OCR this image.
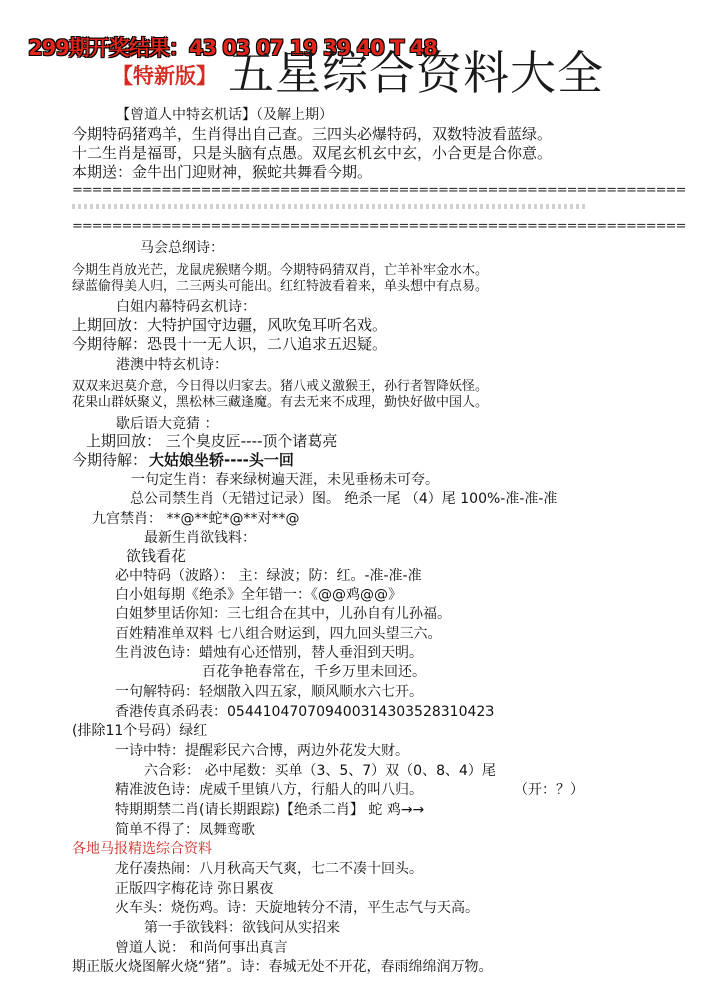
299期开奖结果：43 03 07 19 39 40 T 48
【特新版】 五星综合资料大全
【曾道人中特玄机话】（及解上期）
今期特码猪鸡羊，生肖得出自己查。三四头必爆特码，双数特波看蓝绿。
十二生肖是福哥，只是头脑有点愚。双尾玄机玄中玄，小合更是合你意。
本期送：金牛出门迎财神，猴蛇共舞看今期。
==============================================================
==============================================================
马会总纲诗：
今期生肖放光芒，龙鼠虎猴赌今期。今期特码猜双肖，亡羊补牢金水木。
绿蓝偷得美人归，二三两头可能出。红红特波看着来，单头想中有点易。
白姐内幕特码玄机诗：
上期回放：大特护国守边疆，风吹兔耳听名戏。
今期待解：恐畏十一无人识，二八追求五迟疑。
港澳中特玄机诗：
双双来迟莫介意，今日得以归家去。猪八戒义激猴王，孙行者智降妖怪。
花果山群妖聚义，黑松林三藏逢魔。有去无来不成理，勤快好做中国人。
歇后语大竞猜 ：
上期回放： 三个臭皮匠----顶个诸葛亮
今期待解： 大姑娘坐轿----头一回
一句定生肖：春来绿树遍天涯，未见垂杨未可夸。
总公司禁生肖（无错过记录）图。 绝杀一尾 （4）尾 100%-准-准-准
九宫禁肖： **@**蛇*@**对**@
最新生肖欲钱料：
欲钱看花
必中特码（波路）： 主：绿波；防：红。-准-准-准
白小姐每期《绝杀》全年错一：《@@鸡@@》
白姐梦里话你知：三七组合在其中，儿孙自有儿孙福。
百姓精准单双料 七八组合财运到，四九回头望三六。
生肖波色诗：蜡烛有心还惜别，替人垂泪到天明。
百花争艳春常在，千乡万里未回还。
一句解特码：轻烟散入四五家，顺风顺水六七开。
香港传真杀码表：05441047070940031430352831042З
(排除11个号码）绿红
一诗中特：提醒彩民六合博，两边外花发大财。
六合彩： 必中尾数：买单（3、5、7）双（0、8、4）尾
精准波色诗：虎威千里镇八方，行船人的叫八归。	（开：？）
特期期禁二肖(请长期跟踪)【绝杀二肖】 蛇 鸡→→
简单不得了：凤舞鸾歌
各地马报精选综合资料
龙仔凑热闹：八月秋高天气爽，七二不凑十回头。
正版四字梅花诗 弥日累夜
火车头：烧伤鸡。诗：天旋地转分不清，平生志气与天高。
第一手欲钱料：欲钱问从实招来
曾道人说： 和尚何事出真言
期正版火烧图解火烧“猪”。诗：春城无处不开花，春雨绵绵润万物。
